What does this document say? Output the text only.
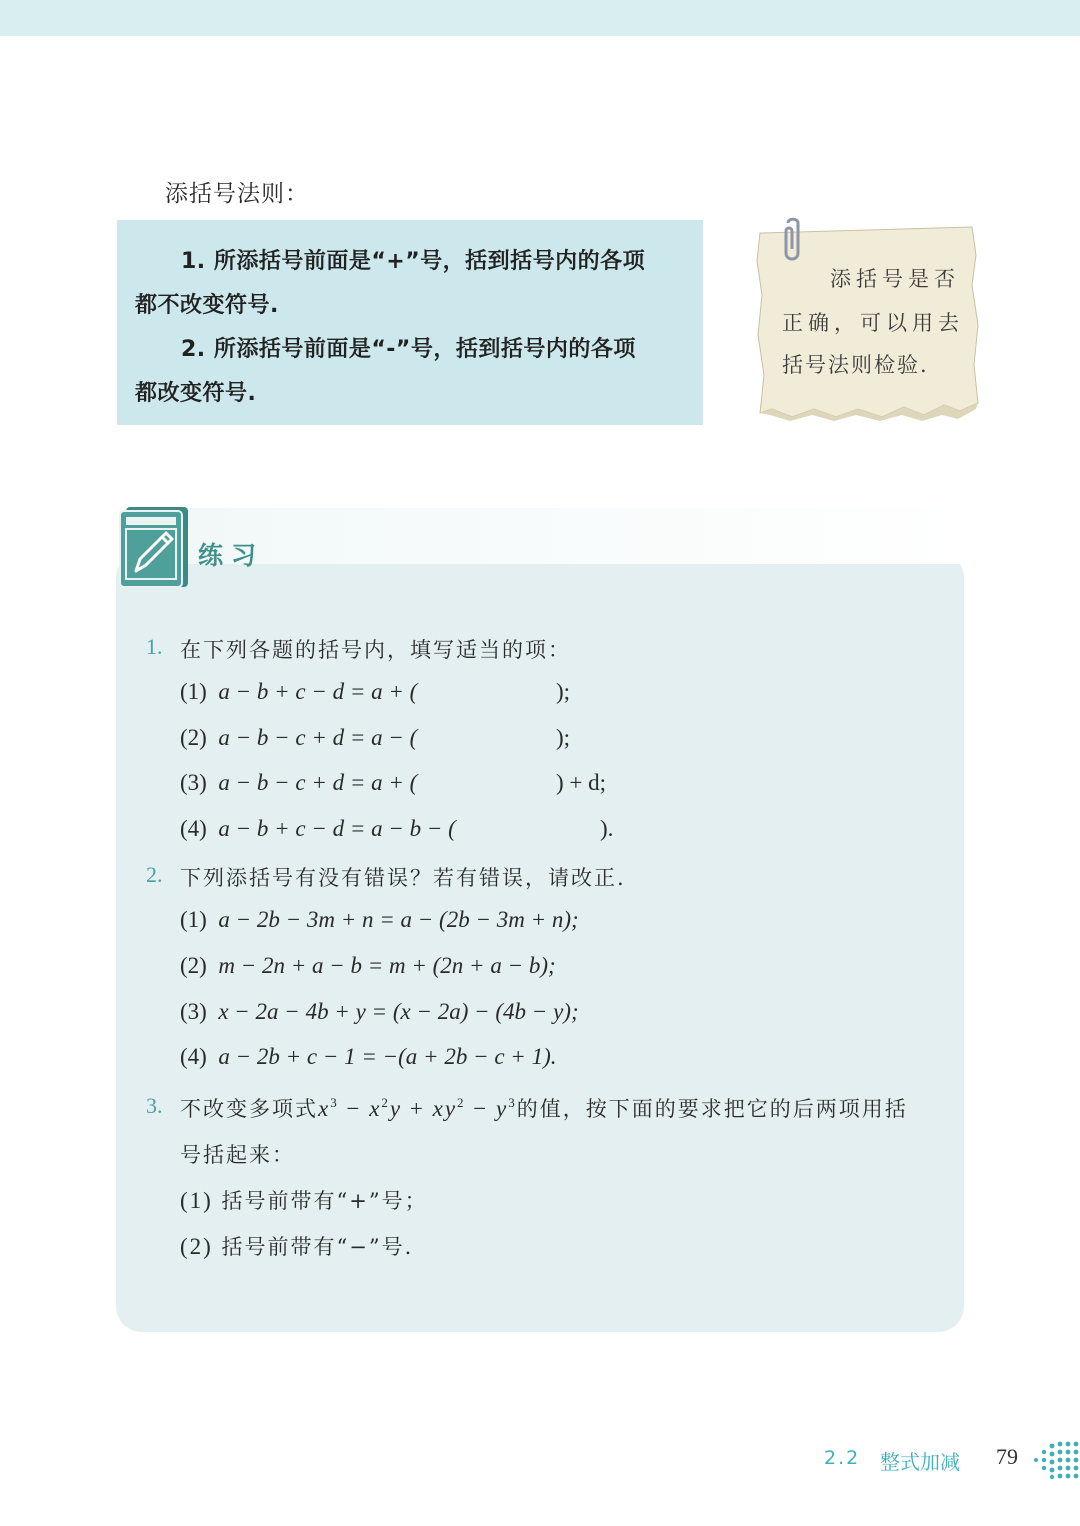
添括号法则：
1. 所添括号前面是“+”号，括到括号内的各项
都不改变符号.
2. 所添括号前面是“-”号，括到括号内的各项
都改变符号.
添括号是否
正确，可以用去
括号法则检验.
练习
1. 在下列各题的括号内，填写适当的项：
(1) a − b + c − d = a + (	);
(2) a − b − c + d = a − (	);
(3) a − b − c + d = a + (	) + d;
(4) a − b + c − d = a − b − (	).
2. 下列添括号有没有错误？若有错误，请改正.
(1) a − 2b − 3m + n = a − (2b − 3m + n);
(2) m − 2n + a − b = m + (2n + a − b);
(3) x − 2a − 4b + y = (x − 2a) − (4b − y);
(4) a − 2b + c − 1 = −(a + 2b − c + 1).
3. 不改变多项式$x^3 - x^2y + xy^2 - y^3$的值，按下面的要求把它的后两项用括
号括起来：
(1) 括号前带有“+”号；
(2) 括号前带有“−”号.
2.2 整式加减 79
